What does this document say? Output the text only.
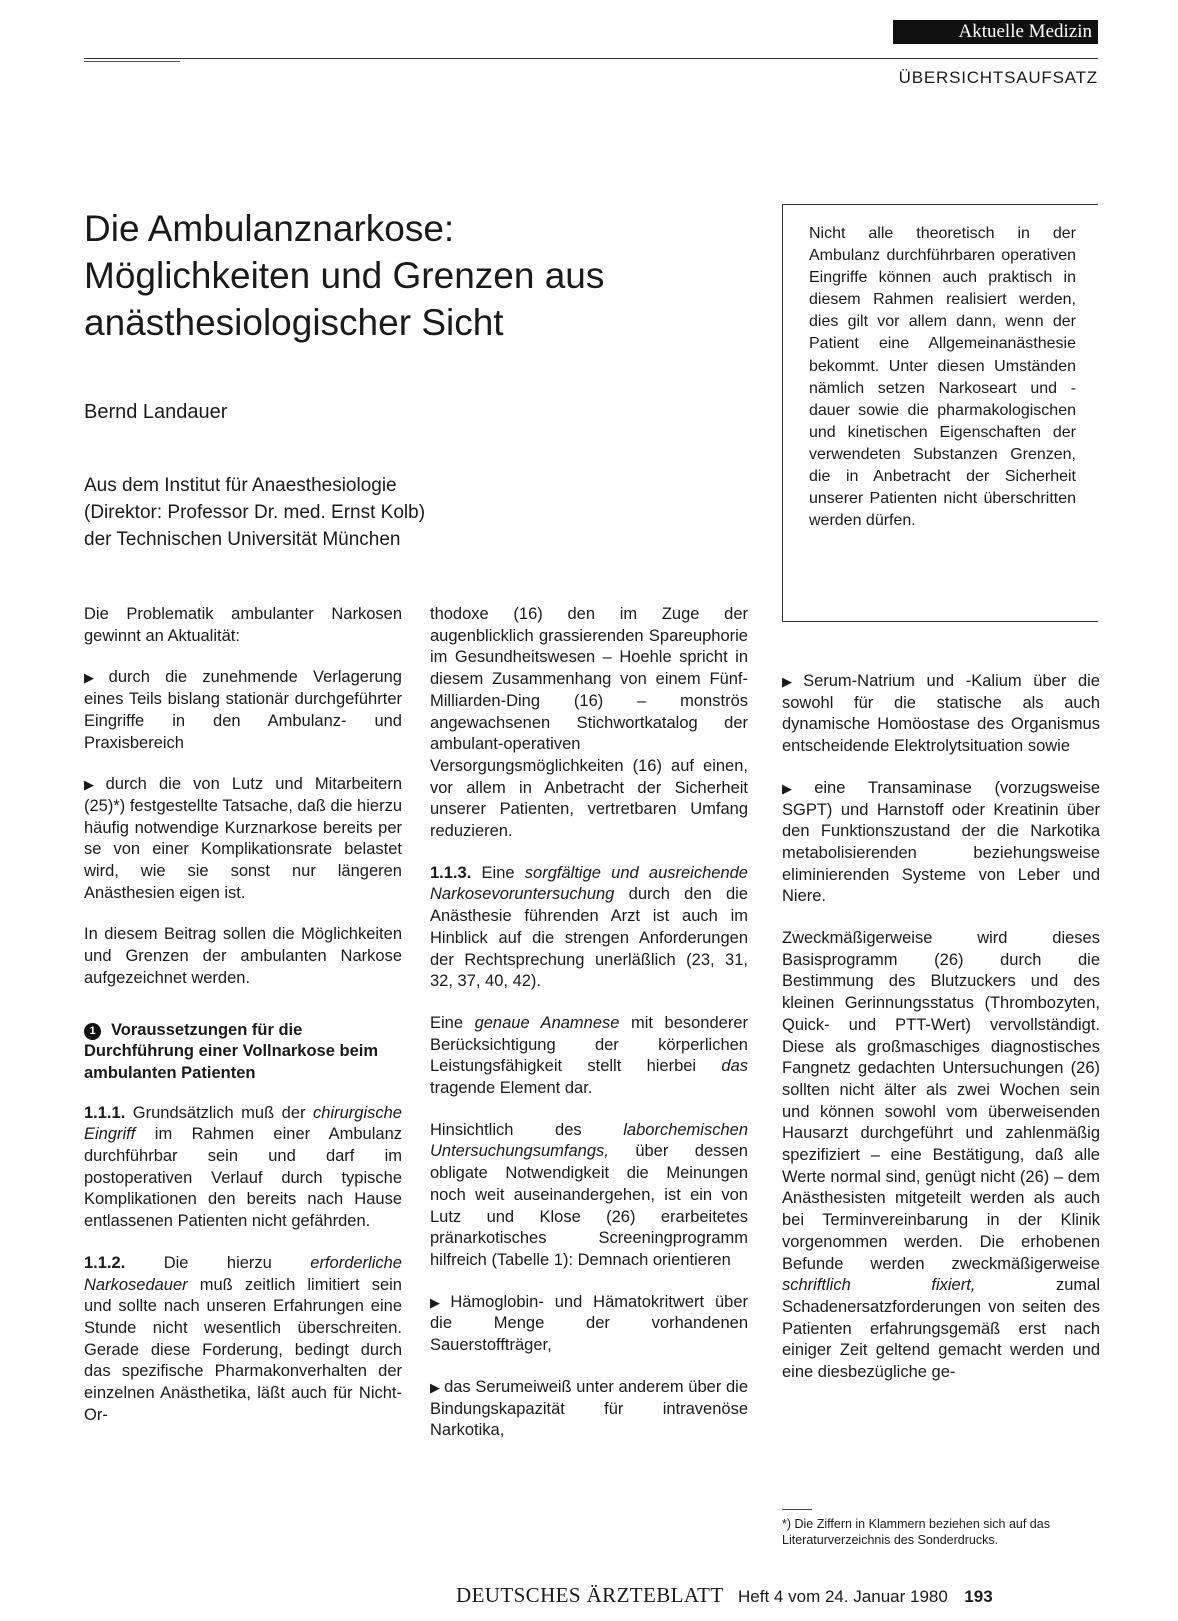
Aktuelle Medizin
ÜBERSICHTSAUFSATZ
Die Ambulanznarkose:
Möglichkeiten und Grenzen aus
anästhesiologischer Sicht
Bernd Landauer
Aus dem Institut für Anaesthesiologie
(Direktor: Professor Dr. med. Ernst Kolb)
der Technischen Universität München

Nicht alle theoretisch in der Ambulanz durchführbaren operativen Eingriffe können auch praktisch in diesem Rahmen realisiert werden, dies gilt vor allem dann, wenn der Patient eine Allgemeinanästhesie bekommt. Unter diesen Umständen nämlich setzen Narkoseart und -dauer sowie die pharmakologischen und kinetischen Eigenschaften der verwendeten Substanzen Grenzen, die in Anbetracht der Sicherheit unserer Patienten nicht überschritten werden dürfen.

Die Problematik ambulanter Narkosen gewinnt an Aktualität:

▶ durch die zunehmende Verlagerung eines Teils bislang stationär durchgeführter Eingriffe in den Ambulanz- und Praxisbereich

▶ durch die von Lutz und Mitarbeitern (25)*) festgestellte Tatsache, daß die hierzu häufig notwendige Kurznarkose bereits per se von einer Komplikationsrate belastet wird, wie sie sonst nur längeren Anästhesien eigen ist.

In diesem Beitrag sollen die Möglichkeiten und Grenzen der ambulanten Narkose aufgezeichnet werden.

1 Voraussetzungen für die Durchführung einer Vollnarkose beim ambulanten Patienten

1.1.1. Grundsätzlich muß der chirurgische Eingriff im Rahmen einer Ambulanz durchführbar sein und darf im postoperativen Verlauf durch typische Komplikationen den bereits nach Hause entlassenen Patienten nicht gefährden.

1.1.2. Die hierzu erforderliche Narkosedauer muß zeitlich limitiert sein und sollte nach unseren Erfahrungen eine Stunde nicht wesentlich überschreiten. Gerade diese Forderung, bedingt durch das spezifische Pharmakonverhalten der einzelnen Anästhetika, läßt auch für Nicht-Or-

thodoxe (16) den im Zuge der augenblicklich grassierenden Spareuphorie im Gesundheitswesen – Hoehle spricht in diesem Zusammenhang von einem Fünf-Milliarden-Ding (16) – monströs angewachsenen Stichwortkatalog der ambulant-operativen Versorgungsmöglichkeiten (16) auf einen, vor allem in Anbetracht der Sicherheit unserer Patienten, vertretbaren Umfang reduzieren.

1.1.3. Eine sorgfältige und ausreichende Narkosevoruntersuchung durch den die Anästhesie führenden Arzt ist auch im Hinblick auf die strengen Anforderungen der Rechtsprechung unerläßlich (23, 31, 32, 37, 40, 42).

Eine genaue Anamnese mit besonderer Berücksichtigung der körperlichen Leistungsfähigkeit stellt hierbei das tragende Element dar.

Hinsichtlich des	laborchemischen Untersuchungsumfangs, über dessen obligate Notwendigkeit die Meinungen noch weit auseinandergehen, ist ein von Lutz und Klose (26) erarbeitetes pränarkotisches Screeningprogramm hilfreich (Tabelle 1): Demnach orientieren

▶ Hämoglobin- und Hämatokritwert über die Menge der vorhandenen Sauerstoffträger,

▶ das Serumeiweiß unter anderem über die Bindungskapazität für intravenöse Narkotika,

▶ Serum-Natrium und -Kalium über die sowohl für die statische als auch dynamische Homöostase des Organismus entscheidende Elektrolytsituation sowie

▶ eine Transaminase (vorzugsweise SGPT) und Harnstoff oder Kreatinin über den Funktionszustand der die Narkotika metabolisierenden beziehungsweise eliminierenden Systeme von Leber und Niere.

Zweckmäßigerweise wird dieses Basisprogramm (26) durch die Bestimmung des Blutzuckers und des kleinen Gerinnungsstatus (Thrombozyten, Quick- und PTT-Wert) vervollständigt. Diese als großmaschiges diagnostisches Fangnetz gedachten Untersuchungen (26) sollten nicht älter als zwei Wochen sein und können sowohl vom überweisenden Hausarzt durchgeführt und zahlenmäßig spezifiziert – eine Bestätigung, daß alle Werte normal sind, genügt nicht (26) – dem Anästhesisten mitgeteilt werden als auch bei Terminvereinbarung in der Klinik vorgenommen werden. Die erhobenen Befunde werden zweckmäßigerweise schriftlich fixiert,	zumal Schadenersatzforderungen von seiten des Patienten erfahrungsgemäß erst nach einiger Zeit geltend gemacht werden und eine diesbezügliche ge-

*) Die Ziffern in Klammern beziehen sich auf das Literaturverzeichnis des Sonderdrucks.
DEUTSCHES ÄRZTEBLATT Heft 4 vom 24. Januar 1980 193
